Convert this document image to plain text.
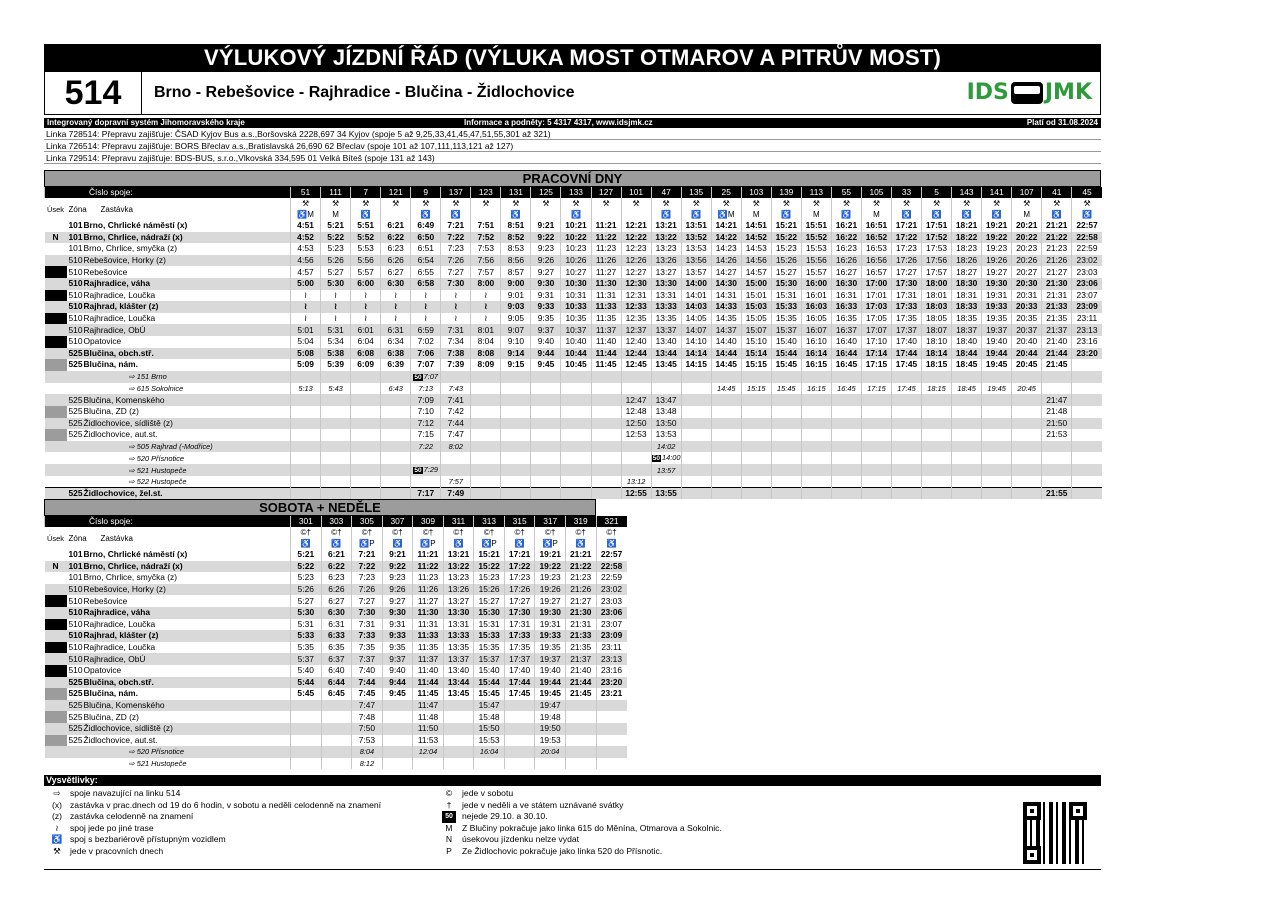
VÝLUKOVÝ JÍZDNÍ ŘÁD (VÝLUKA MOST OTMAROV A PITRŮV MOST)
514	Brno - Rebešovice - Rajhradice - Blučina - Židlochovice	IDS JMK
Integrovaný dopravní systém Jihomoravského kraje	Informace a podněty: 5 4317 4317, www.idsjmk.cz	Platí od 31.08.2024
Linka 728514: Přepravu zajišťuje: ČSAD Kyjov Bus a.s.,Boršovská 2228,697 34 Kyjov (spoje 5 až 9,25,33,41,45,47,51,55,301 až 321)
Linka 726514: Přepravu zajišťuje: BORS Břeclav a.s.,Bratislavská 26,690 62 Břeclav (spoje 101 až 107,111,113,121 až 127)
Linka 729514: Přepravu zajišťuje: BDS-BUS, s.r.o.,Vlkovská 334,595 01 Velká Bíteš (spoje 131 až 143)
PRACOVNÍ DNY
Číslo spoje:			51	111	7	121	9	137	123	131	125	133	127	101	47	135	25	103	139	113	55	105	33	5	143	141	107	41	45
Úsek	Zóna	Zastávka	⚒	⚒	⚒	⚒	⚒	⚒	⚒	⚒	⚒	⚒	⚒	⚒	⚒	⚒	⚒	⚒	⚒	⚒	⚒	⚒	⚒	⚒	⚒	⚒	⚒	⚒	⚒
			♿M	M	♿		♿	♿		♿		♿			♿	♿	♿M	M	♿	M	♿	M	♿	♿	♿	♿	M	♿	♿
	101	Brno, Chrlické náměstí (x)	4:51	5:21	5:51	6:21	6:49	7:21	7:51	8:51	9:21	10:21	11:21	12:21	13:21	13:51	14:21	14:51	15:21	15:51	16:21	16:51	17:21	17:51	18:21	19:21	20:21	21:21	22:57
N	101	Brno, Chrlice, nádraží (x)	4:52	5:22	5:52	6:22	6:50	7:22	7:52	8:52	9:22	10:22	11:22	12:22	13:22	13:52	14:22	14:52	15:22	15:52	16:22	16:52	17:22	17:52	18:22	19:22	20:22	21:22	22:58
	101	Brno, Chrlice, smyčka (z)	4:53	5:23	5:53	6:23	6:51	7:23	7:53	8:53	9:23	10:23	11:23	12:23	13:23	13:53	14:23	14:53	15:23	15:53	16:23	16:53	17:23	17:53	18:23	19:23	20:23	21:23	22:59
	510	Rebešovice, Horky (z)	4:56	5:26	5:56	6:26	6:54	7:26	7:56	8:56	9:26	10:26	11:26	12:26	13:26	13:56	14:26	14:56	15:26	15:56	16:26	16:56	17:26	17:56	18:26	19:26	20:26	21:26	23:02
	510	Rebešovice	4:57	5:27	5:57	6:27	6:55	7:27	7:57	8:57	9:27	10:27	11:27	12:27	13:27	13:57	14:27	14:57	15:27	15:57	16:27	16:57	17:27	17:57	18:27	19:27	20:27	21:27	23:03
	510	Rajhradice, váha	5:00	5:30	6:00	6:30	6:58	7:30	8:00	9:00	9:30	10:30	11:30	12:30	13:30	14:00	14:30	15:00	15:30	16:00	16:30	17:00	17:30	18:00	18:30	19:30	20:30	21:30	23:06
	510	Rajhradice, Loučka	≀	≀	≀	≀	≀	≀	≀	9:01	9:31	10:31	11:31	12:31	13:31	14:01	14:31	15:01	15:31	16:01	16:31	17:01	17:31	18:01	18:31	19:31	20:31	21:31	23:07
	510	Rajhrad, klášter (z)	≀	≀	≀	≀	≀	≀	≀	9:03	9:33	10:33	11:33	12:33	13:33	14:03	14:33	15:03	15:33	16:03	16:33	17:03	17:33	18:03	18:33	19:33	20:33	21:33	23:09
	510	Rajhradice, Loučka	≀	≀	≀	≀	≀	≀	≀	9:05	9:35	10:35	11:35	12:35	13:35	14:05	14:35	15:05	15:35	16:05	16:35	17:05	17:35	18:05	18:35	19:35	20:35	21:35	23:11
	510	Rajhradice, ObÚ	5:01	5:31	6:01	6:31	6:59	7:31	8:01	9:07	9:37	10:37	11:37	12:37	13:37	14:07	14:37	15:07	15:37	16:07	16:37	17:07	17:37	18:07	18:37	19:37	20:37	21:37	23:13
	510	Opatovice	5:04	5:34	6:04	6:34	7:02	7:34	8:04	9:10	9:40	10:40	11:40	12:40	13:40	14:10	14:40	15:10	15:40	16:10	16:40	17:10	17:40	18:10	18:40	19:40	20:40	21:40	23:16
	525	Blučina, obch.stř.	5:08	5:38	6:08	6:38	7:06	7:38	8:08	9:14	9:44	10:44	11:44	12:44	13:44	14:14	14:44	15:14	15:44	16:14	16:44	17:14	17:44	18:14	18:44	19:44	20:44	21:44	23:20
	525	Blučina, nám.	5:09	5:39	6:09	6:39	7:07	7:39	8:09	9:15	9:45	10:45	11:45	12:45	13:45	14:15	14:45	15:15	15:45	16:15	16:45	17:15	17:45	18:15	18:45	19:45	20:45	21:45	
		⇨ 151 Brno					50 7:07																						
		⇨ 615 Sokolnice	5:13	5:43		6:43	7:13	7:43									14:45	15:15	15:45	16:15	16:45	17:15	17:45	18:15	18:45	19:45	20:45		
	525	Blučina, Komenského					7:09	7:41						12:47	13:47													21:47	
	525	Blučina, ZD (z)					7:10	7:42						12:48	13:48													21:48	
	525	Židlochovice, sídliště (z)					7:12	7:44						12:50	13:50													21:50	
	525	Židlochovice, aut.st.					7:15	7:47						12:53	13:53													21:53	
		⇨ 505 Rajhrad (-Modřice)					7:22	8:02							14:02														
		⇨ 520 Přísnotice													50 14:00														
		⇨ 521 Hustopeče					50 7:29								13:57														
		⇨ 522 Hustopeče						7:57						13:12															
	525	Židlochovice, žel.st.					7:17	7:49						12:55	13:55													21:55	
SOBOTA + NEDĚLE
Číslo spoje:			301	303	305	307	309	311	313	315	317	319	321
Úsek	Zóna	Zastávka	©†	©†	©†	©†	©†	©†	©†	©†	©†	©†	©†
			♿	♿	♿P	♿	♿P	♿	♿P	♿	♿P	♿	♿
	101	Brno, Chrlické náměstí (x)	5:21	6:21	7:21	9:21	11:21	13:21	15:21	17:21	19:21	21:21	22:57
N	101	Brno, Chrlice, nádraží (x)	5:22	6:22	7:22	9:22	11:22	13:22	15:22	17:22	19:22	21:22	22:58
	101	Brno, Chrlice, smyčka (z)	5:23	6:23	7:23	9:23	11:23	13:23	15:23	17:23	19:23	21:23	22:59
	510	Rebešovice, Horky (z)	5:26	6:26	7:26	9:26	11:26	13:26	15:26	17:26	19:26	21:26	23:02
	510	Rebešovice	5:27	6:27	7:27	9:27	11:27	13:27	15:27	17:27	19:27	21:27	23:03
	510	Rajhradice, váha	5:30	6:30	7:30	9:30	11:30	13:30	15:30	17:30	19:30	21:30	23:06
	510	Rajhradice, Loučka	5:31	6:31	7:31	9:31	11:31	13:31	15:31	17:31	19:31	21:31	23:07
	510	Rajhrad, klášter (z)	5:33	6:33	7:33	9:33	11:33	13:33	15:33	17:33	19:33	21:33	23:09
	510	Rajhradice, Loučka	5:35	6:35	7:35	9:35	11:35	13:35	15:35	17:35	19:35	21:35	23:11
	510	Rajhradice, ObÚ	5:37	6:37	7:37	9:37	11:37	13:37	15:37	17:37	19:37	21:37	23:13
	510	Opatovice	5:40	6:40	7:40	9:40	11:40	13:40	15:40	17:40	19:40	21:40	23:16
	525	Blučina, obch.stř.	5:44	6:44	7:44	9:44	11:44	13:44	15:44	17:44	19:44	21:44	23:20
	525	Blučina, nám.	5:45	6:45	7:45	9:45	11:45	13:45	15:45	17:45	19:45	21:45	23:21
	525	Blučina, Komenského			7:47		11:47		15:47		19:47		
	525	Blučina, ZD (z)			7:48		11:48		15:48		19:48		
	525	Židlochovice, sídliště (z)			7:50		11:50		15:50		19:50		
	525	Židlochovice, aut.st.			7:53		11:53		15:53		19:53		
		⇨ 520 Přísnotice			8:04		12:04		16:04		20:04		
		⇨ 521 Hustopeče			8:12								
Vysvětlivky:
⇨	spoje navazující na linku 514
(x) zastávka v prac.dnech od 19 do 6 hodin, v sobotu a neděli celodenně na znamení
(z) zastávka celodenně na znamení
≀	spoj jede po jiné trase
♿ spoj s bezbariérově přístupným vozidlem
⚒	jede v pracovních dnech
©	jede v sobotu
†	jede v neděli a ve státem uznávané svátky
50	nejede 29.10. a 30.10.
M	Z Blučiny pokračuje jako linka 615 do Měnína, Otmarova a Sokolnic.
N	úsekovou jízdenku nelze vydat
P	Ze Židlochovic pokračuje jako linka 520 do Přísnotic.
